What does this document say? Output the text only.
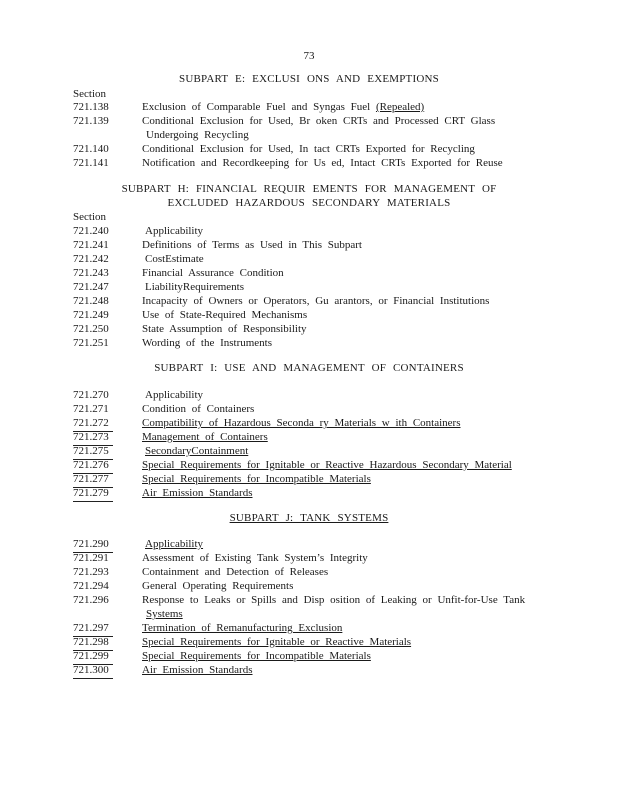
73
SUBPART E: EXCLUSI ONS AND EXEMPTIONS
Section
721.138	Exclusion of Comparable Fuel and Syngas Fuel (Repealed)
721.139	Conditional Exclusion for Used, Br oken CRTs and Processed CRT Glass
Undergoing Recycling
721.140	Conditional Exclusion for Used, In tact CRTs Exported for Recycling
721.141	Notification and Recordkeeping for Us ed, Intact CRTs Exported for Reuse
SUBPART H: FINANCIAL REQUIR EMENTS FOR MANAGEMENT OF
EXCLUDED HAZARDOUS SECONDARY MATERIALS
Section
721.240	Applicability
721.241	Definitions of Terms as Used in This Subpart
721.242	CostEstimate
721.243	Financial Assurance Condition
721.247	LiabilityRequirements
721.248	Incapacity of Owners or Operators, Gu arantors, or Financial Institutions
721.249	Use of State-Required Mechanisms
721.250	State Assumption of Responsibility
721.251	Wording of the Instruments
SUBPART I: USE AND MANAGEMENT OF CONTAINERS
721.270	Applicability
721.271	Condition of Containers
721.272	Compatibility of Hazardous Seconda ry Materials w ith Containers
721.273	Management of Containers
721.275	SecondaryContainment
721.276	Special Requirements for Ignitable or Reactive Hazardous Secondary Material
721.277	Special Requirements for Incompatible Materials
721.279	Air Emission Standards
SUBPART J: TANK SYSTEMS
721.290	Applicability
721.291	Assessment of Existing Tank System’s Integrity
721.293	Containment and Detection of Releases
721.294	General Operating Requirements
721.296	Response to Leaks or Spills and Disp osition of Leaking or Unfit-for-Use Tank
Systems
721.297	Termination of Remanufacturing Exclusion
721.298	Special Requirements for Ignitable or Reactive Materials
721.299	Special Requirements for Incompatible Materials
721.300	Air Emission Standards
